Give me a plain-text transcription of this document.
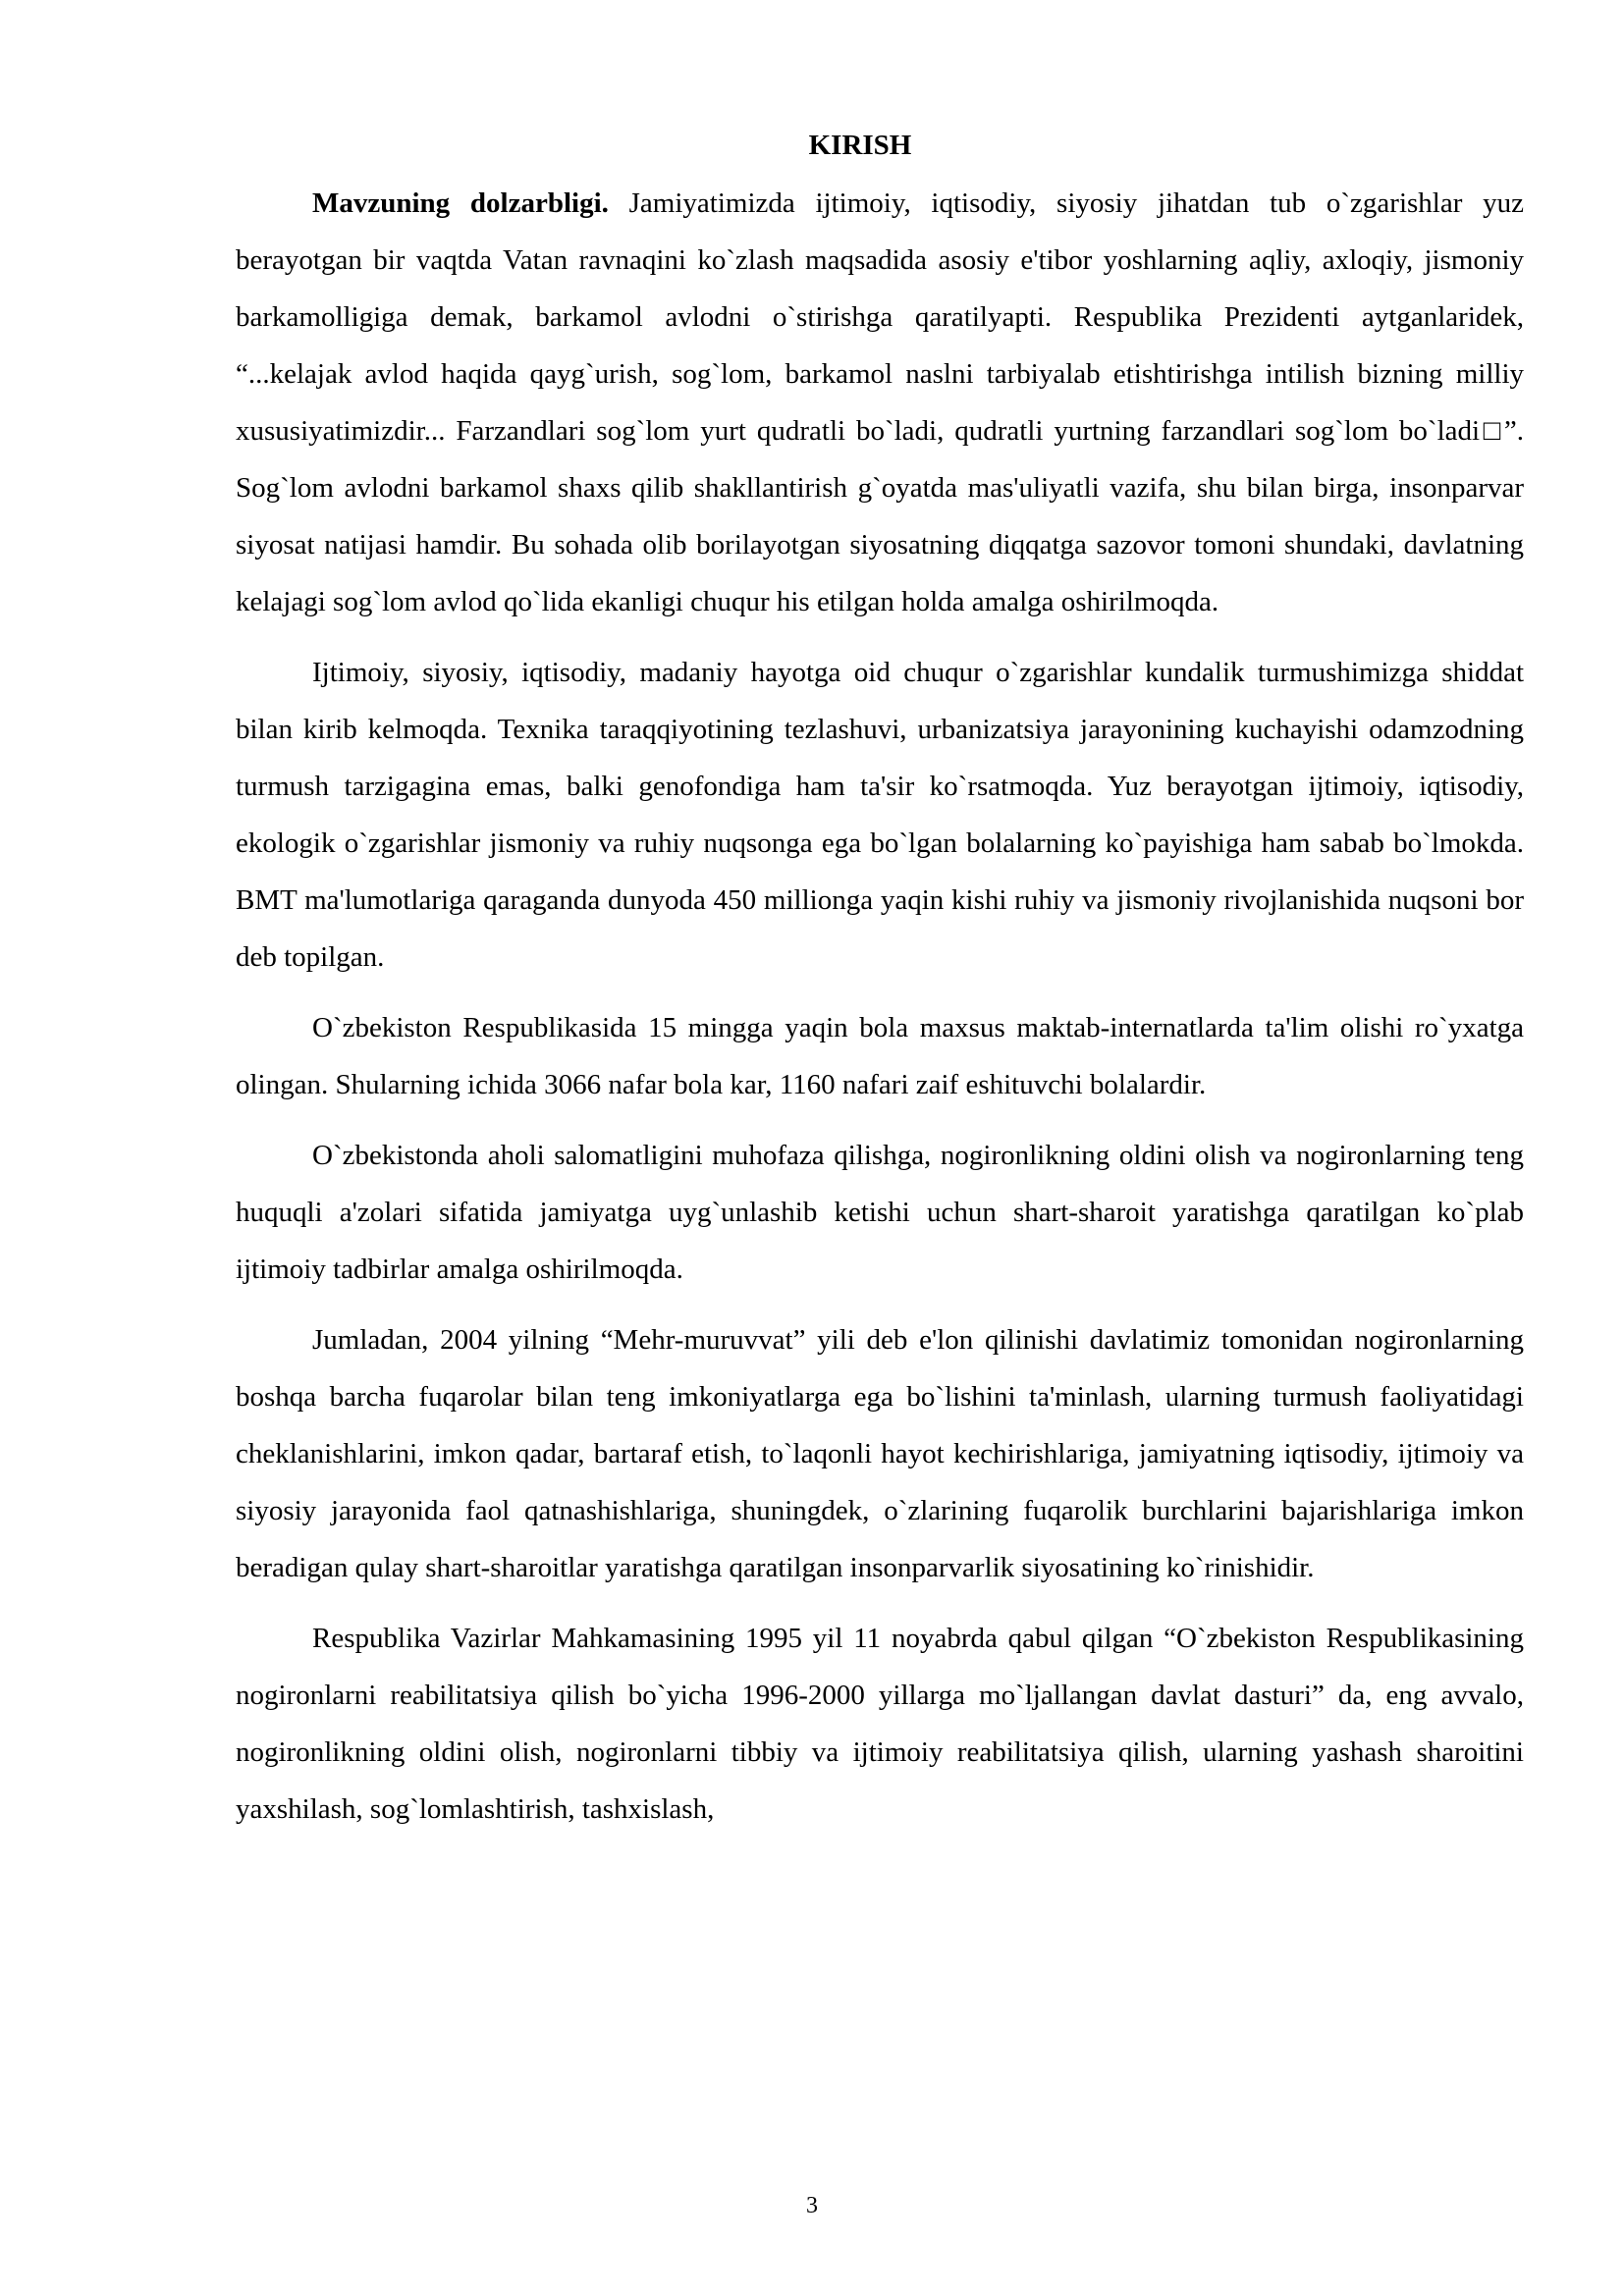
KIRISH

Mavzuning dolzarbligi. Jamiyatimizda ijtimoiy, iqtisodiy, siyosiy jihatdan tub o`zgarishlar yuz berayotgan bir vaqtda Vatan ravnaqini ko`zlash maqsadida asosiy e'tibor yoshlarning aqliy, axloqiy, jismoniy barkamolligiga demak, barkamol avlodni o`stirishga qaratilyapti. Respublika Prezidenti aytganlaridek, “...kelajak avlod haqida qayg`urish, sog`lom, barkamol naslni tarbiyalab etishtirishga intilish bizning milliy xususiyatimizdir... Farzandlari sog`lom yurt qudratli bo`ladi, qudratli yurtning farzandlari sog`lom bo`ladi□”. Sog`lom avlodni barkamol shaxs qilib shakllantirish g`oyatda mas'uliyatli vazifa, shu bilan birga, insonparvar siyosat natijasi hamdir. Bu sohada olib borilayotgan siyosatning diqqatga sazovor tomoni shundaki, davlatning kelajagi sog`lom avlod qo`lida ekanligi chuqur his etilgan holda amalga oshirilmoqda.

Ijtimoiy, siyosiy, iqtisodiy, madaniy hayotga oid chuqur o`zgarishlar kundalik turmushimizga shiddat bilan kirib kelmoqda. Texnika taraqqiyotining tezlashuvi, urbanizatsiya jarayonining kuchayishi odamzodning turmush tarzigagina emas, balki genofondiga ham ta'sir ko`rsatmoqda. Yuz berayotgan ijtimoiy, iqtisodiy, ekologik o`zgarishlar jismoniy va ruhiy nuqsonga ega bo`lgan bolalarning ko`payishiga ham sabab bo`lmokda. BMT ma'lumotlariga qaraganda dunyoda 450 millionga yaqin kishi ruhiy va jismoniy rivojlanishida nuqsoni bor deb topilgan.

O`zbekiston Respublikasida 15 mingga yaqin bola maxsus maktab-internatlarda ta'lim olishi ro`yxatga olingan. Shularning ichida 3066 nafar bola kar, 1160 nafari zaif eshituvchi bolalardir.

O`zbekistonda aholi salomatligini muhofaza qilishga, nogironlikning oldini olish va nogironlarning teng huquqli a'zolari sifatida jamiyatga uyg`unlashib ketishi uchun shart-sharoit yaratishga qaratilgan ko`plab ijtimoiy tadbirlar amalga oshirilmoqda.

Jumladan, 2004 yilning “Mehr-muruvvat” yili deb e'lon qilinishi davlatimiz tomonidan nogironlarning boshqa barcha fuqarolar bilan teng imkoniyatlarga ega bo`lishini ta'minlash, ularning turmush faoliyatidagi cheklanishlarini, imkon qadar, bartaraf etish, to`laqonli hayot kechirishlariga, jamiyatning iqtisodiy, ijtimoiy va siyosiy jarayonida faol qatnashishlariga, shuningdek, o`zlarining fuqarolik burchlarini bajarishlariga imkon beradigan qulay shart-sharoitlar yaratishga qaratilgan insonparvarlik siyosatining ko`rinishidir.

Respublika Vazirlar Mahkamasining 1995 yil 11 noyabrda qabul qilgan “O`zbekiston Respublikasining nogironlarni reabilitatsiya qilish bo`yicha 1996-2000 yillarga mo`ljallangan davlat dasturi” da, eng avvalo, nogironlikning oldini olish, nogironlarni tibbiy va ijtimoiy reabilitatsiya qilish, ularning yashash sharoitini yaxshilash, sog`lomlashtirish, tashxislash,

3
